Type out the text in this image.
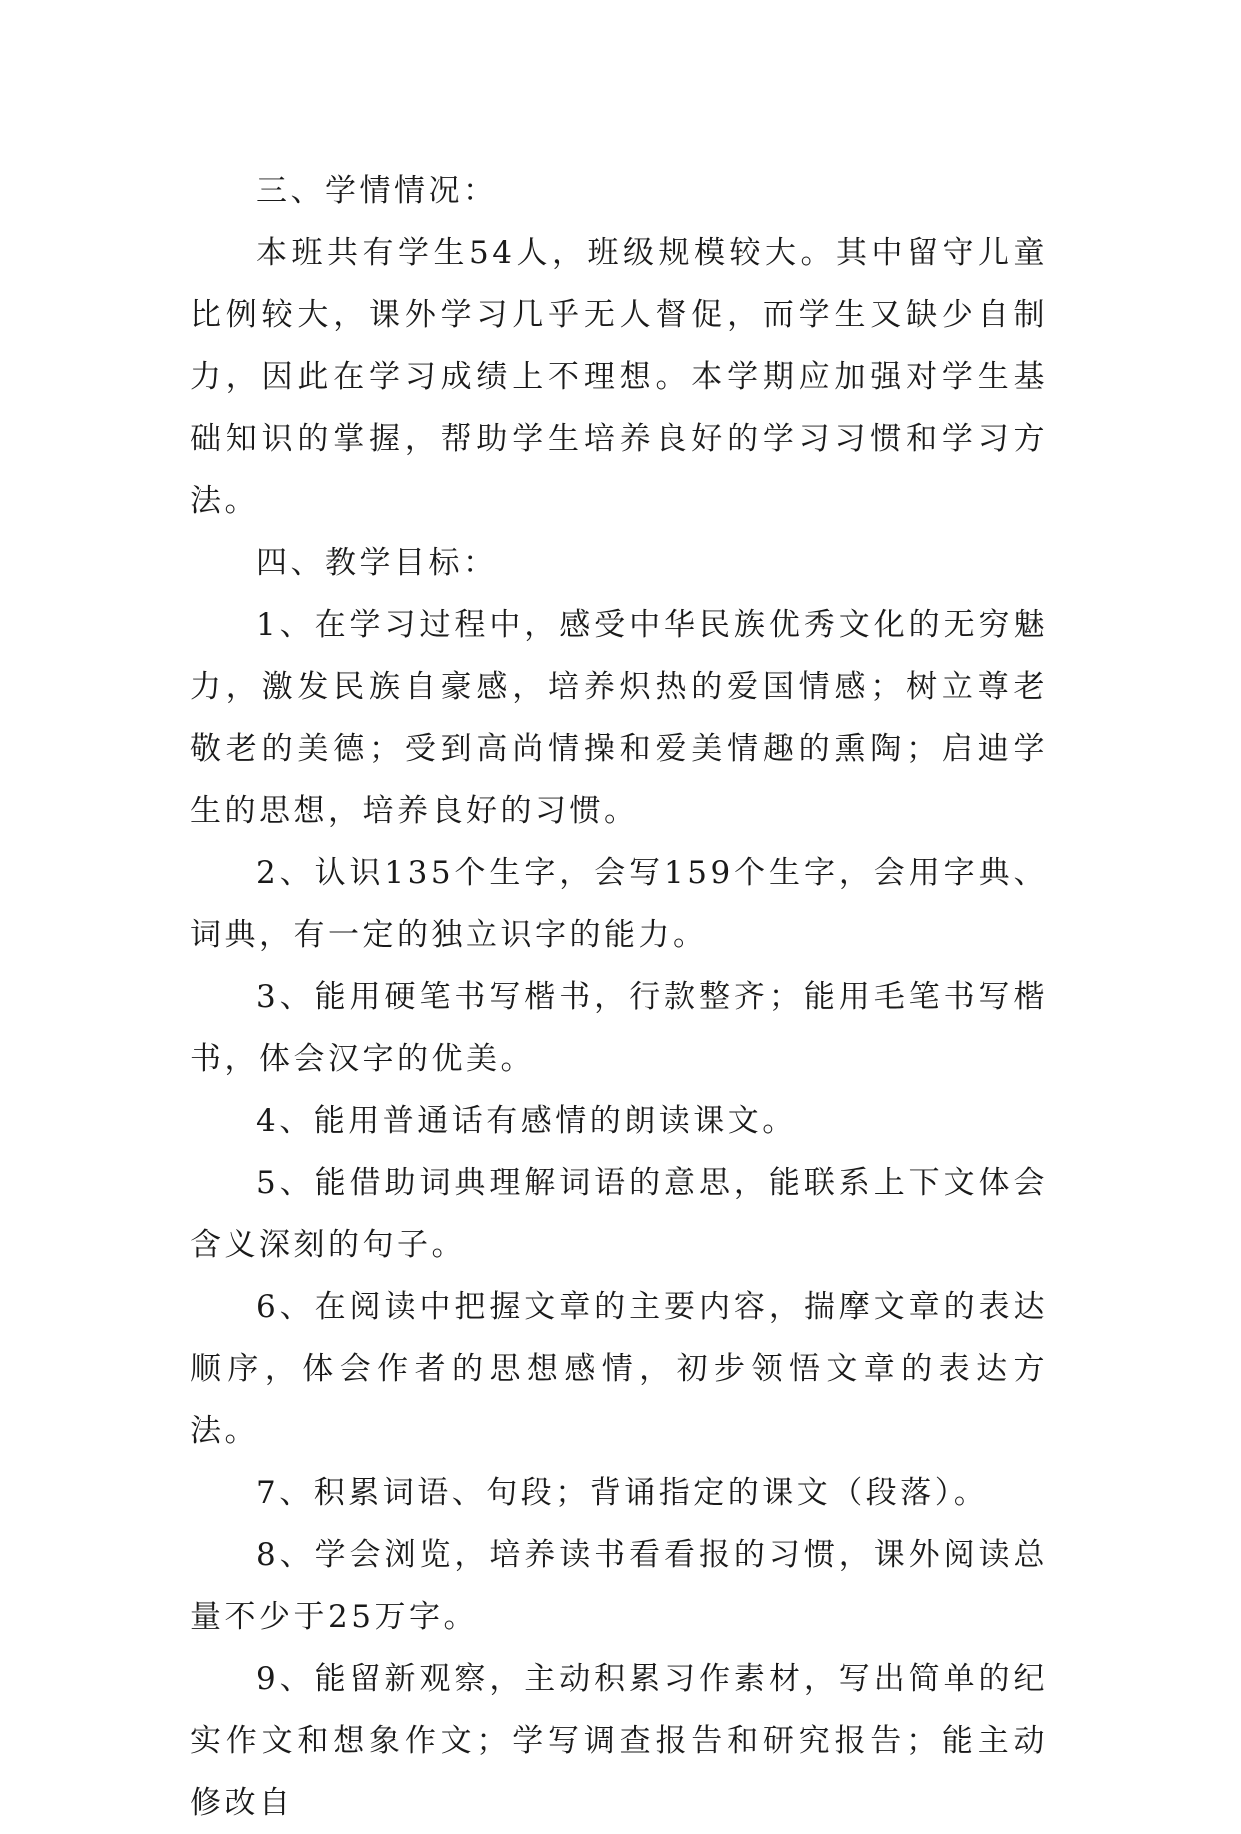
三、学情情况：

本班共有学生54人，班级规模较大。其中留守儿童比例较大，课外学习几乎无人督促，而学生又缺少自制力，因此在学习成绩上不理想。本学期应加强对学生基础知识的掌握，帮助学生培养良好的学习习惯和学习方法。

四、教学目标：

1、在学习过程中，感受中华民族优秀文化的无穷魅力，激发民族自豪感，培养炽热的爱国情感；树立尊老敬老的美德；受到高尚情操和爱美情趣的熏陶；启迪学生的思想，培养良好的习惯。

2、认识135个生字，会写159个生字，会用字典、词典，有一定的独立识字的能力。

3、能用硬笔书写楷书，行款整齐；能用毛笔书写楷书，体会汉字的优美。

4、能用普通话有感情的朗读课文。

5、能借助词典理解词语的意思，能联系上下文体会含义深刻的句子。

6、在阅读中把握文章的主要内容，揣摩文章的表达顺序，体会作者的思想感情，初步领悟文章的表达方法。

7、积累词语、句段；背诵指定的课文（段落）。

8、学会浏览，培养读书看看报的习惯，课外阅读总量不少于25万字。

9、能留新观察，主动积累习作素材，写出简单的纪实作文和想象作文；学写调查报告和研究报告；能主动修改自
